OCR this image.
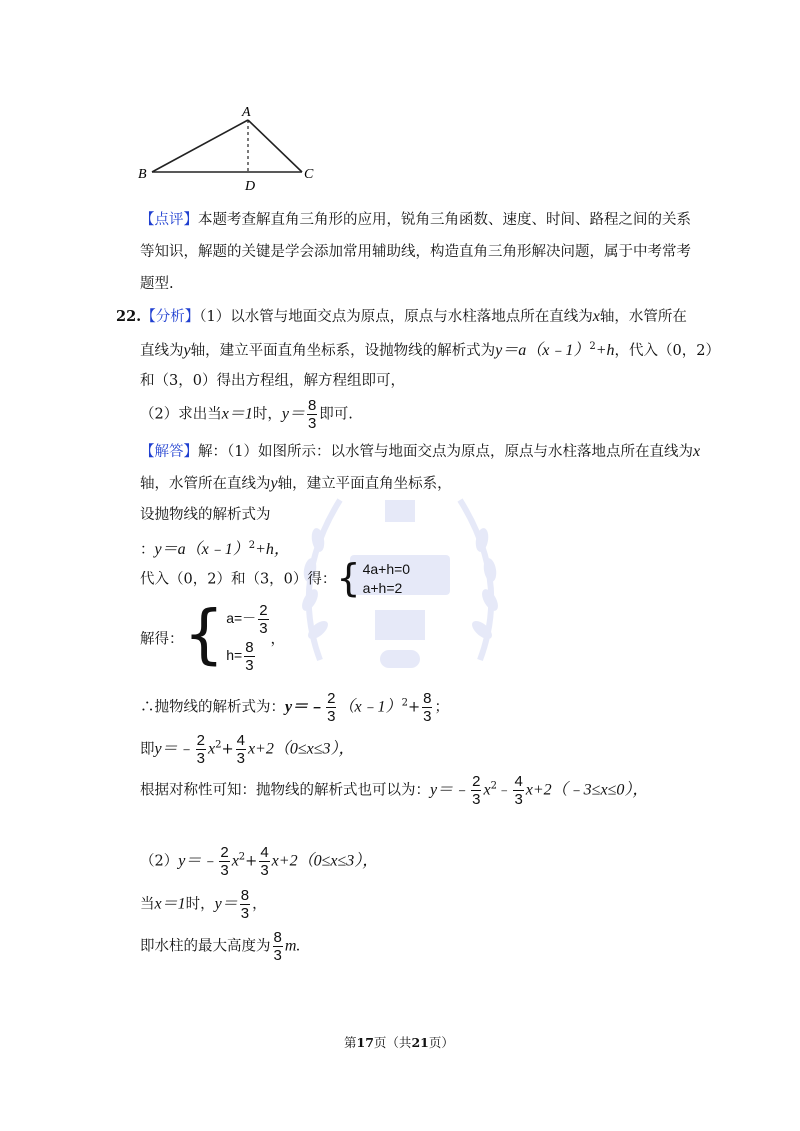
A
B	C
D
【点评】本题考查解直角三角形的应用，锐角三角函数、速度、时间、路程之间的关系
等知识，解题的关键是学会添加常用辅助线，构造直角三角形解决问题，属于中考常考
题型.
22.【分析】（1）以水管与地面交点为原点，原点与水柱落地点所在直线为x轴，水管所在
直线为y轴，建立平面直角坐标系，设抛物线的解析式为y＝a（x﹣1）$^2$+h，代入（0，2）
和（3，0）得出方程组，解方程组即可，
（2）求出当x＝1时，$y= \frac{8}{3}$ 即可.
【解答】解：（1）如图所示：以水管与地面交点为原点，原点与水柱落地点所在直线为x
轴，水管所在直线为y轴，建立平面直角坐标系，
设抛物线的解析式为
：y＝a（x﹣1）$^2$+h，
代入（0，2）和（3，0）得： { 4a+h=0
a+h=2
解得： { $a=- \frac{2}{3}$
$h= \frac{8}{3}$
，
∴抛物线的解析式为：y＝﹣ $\frac{2}{3}$ （x﹣1）$^2$+ $\frac{8}{3}$ ；
即y＝﹣ $\frac{2}{3} x^2+ \frac{4}{3} x+2(0\le x\le 3)$，
根据对称性可知：抛物线的解析式也可以为：y＝﹣ $\frac{2}{3}$ $x^2﹣ \frac{4}{3}$ x+2（﹣3≤x≤0），
（2）y＝﹣ $\frac{2}{3} x^2+ \frac{4}{3} x+2(0\le x\le 3)$，
当x＝1时，$y= \frac{8}{3}$ ，
即水柱的最大高度为 $\frac{8}{3} m$.
第17页（共21页）
